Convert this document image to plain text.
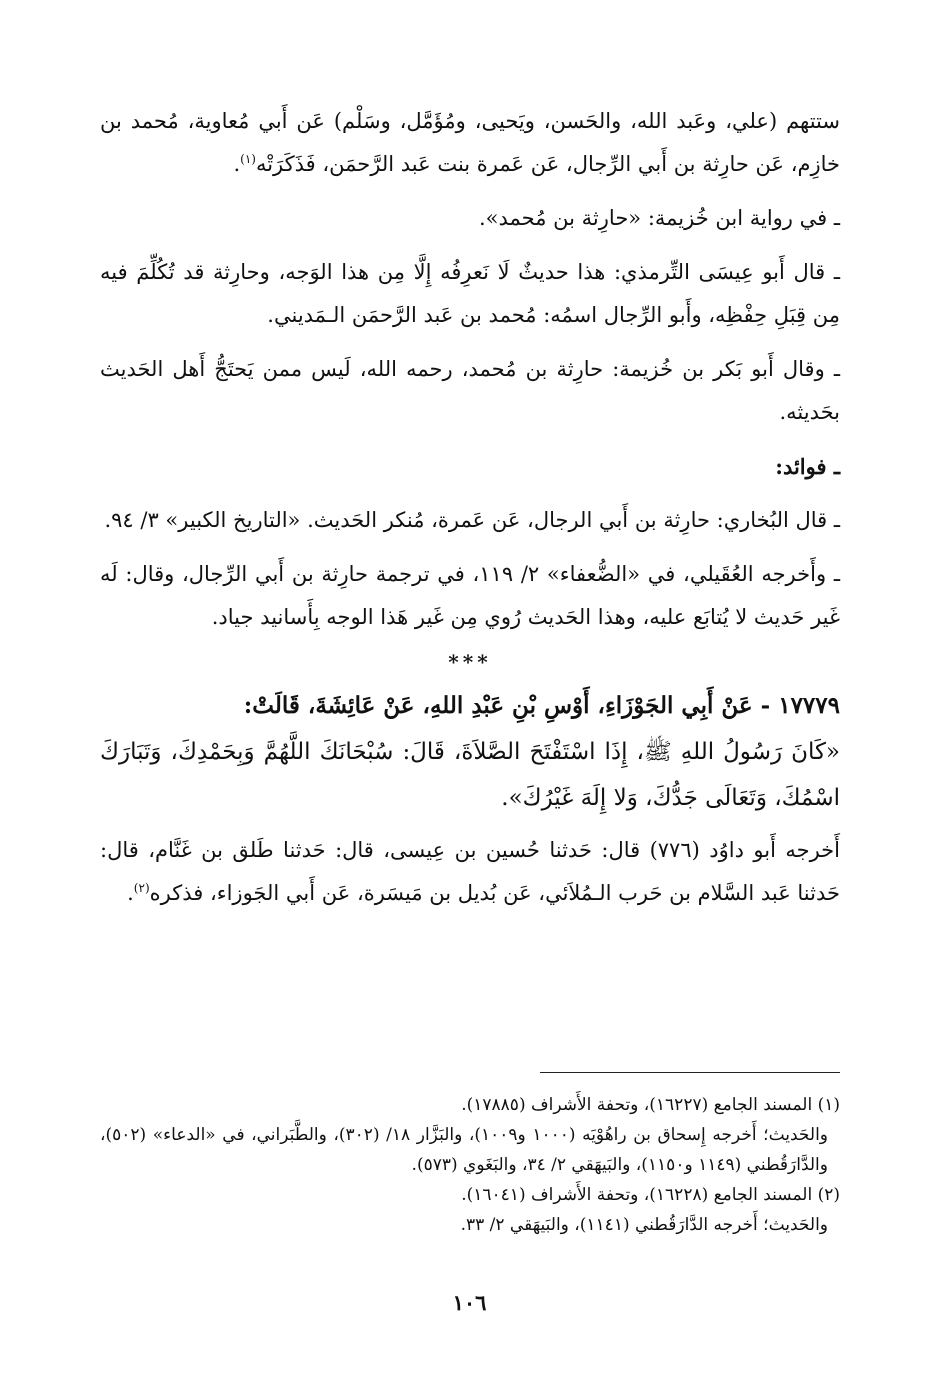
ستتهم (علي، وعَبد الله، والحَسن، ويَحيى، ومُؤَمَّل، وسَلْم) عَن أَبي مُعاوية، مُحمد بن خازِم، عَن حارِثة بن أَبي الرِّجال، عَن عَمرة بنت عَبد الرَّحمَن، فَذَكَرَتْه$^{(١)}$.

ـ في رواية ابن خُزيمة: «حارِثة بن مُحمد».

ـ قال أَبو عِيسَى التِّرمذي: هذا حديثٌ لَا نَعرِفُه إِلَّا مِن هذا الوَجه، وحارِثة قد تُكُلِّمَ فيه مِن قِبَلِ حِفْظِه، وأَبو الرِّجال اسمُه: مُحمد بن عَبد الرَّحمَن الـمَديني.

ـ وقال أَبو بَكر بن خُزيمة: حارِثة بن مُحمد، رحمه الله، لَيس ممن يَحتَجُّ أَهل الحَديث بحَديثه.

ـ فوائد:

ـ قال البُخاري: حارِثة بن أَبي الرجال، عَن عَمرة، مُنكر الحَديث. «التاريخ الكبير» ٣/ ٩٤.

ـ وأَخرجه العُقَيلي، في «الضُّعفاء» ٢/ ١١٩، في ترجمة حارِثة بن أَبي الرِّجال، وقال: لَه غَير حَديث لا يُتابَع عليه، وهذا الحَديث رُوي مِن غَير هَذا الوجه بِأَسانيد جياد.

***

١٧٧٧٩ - عَنْ أَبِي الجَوْزَاءِ، أَوْسِ بْنِ عَبْدِ اللهِ، عَنْ عَائِشَةَ، قَالَتْ:

«كَانَ رَسُولُ اللهِ ﷺ، إِذَا اسْتَفْتَحَ الصَّلاَةَ، قَالَ: سُبْحَانَكَ اللَّهُمَّ وَبِحَمْدِكَ، وَتَبَارَكَ اسْمُكَ، وَتَعَالَى جَدُّكَ، وَلا إِلَهَ غَيْرُكَ».

أَخرجه أَبو داوُد (٧٧٦) قال: حَدثنا حُسين بن عِيسى، قال: حَدثنا طَلق بن غَنَّام، قال: حَدثنا عَبد السَّلام بن حَرب الـمُلاَئي، عَن بُديل بن مَيسَرة، عَن أَبي الجَوزاء، فذكره$^{(٢)}$.

(١) المسند الجامع (١٦٢٢٧)، وتحفة الأَشراف (١٧٨٨٥).

والحَديث؛ أَخرجه إِسحاق بن راهُوْيَه (١٠٠٠ و١٠٠٩)، والبَزَّار ١٨/ (٣٠٢)، والطَّبَراني، في «الدعاء» (٥٠٢)، والدَّارَقُطني (١١٤٩ و١١٥٠)، والبَيهَقي ٢/ ٣٤، والبَغَوي (٥٧٣).

(٢) المسند الجامع (١٦٢٢٨)، وتحفة الأَشراف (١٦٠٤١).

والحَديث؛ أَخرجه الدَّارَقُطني (١١٤١)، والبَيهَقي ٢/ ٣٣.

١٠٦
